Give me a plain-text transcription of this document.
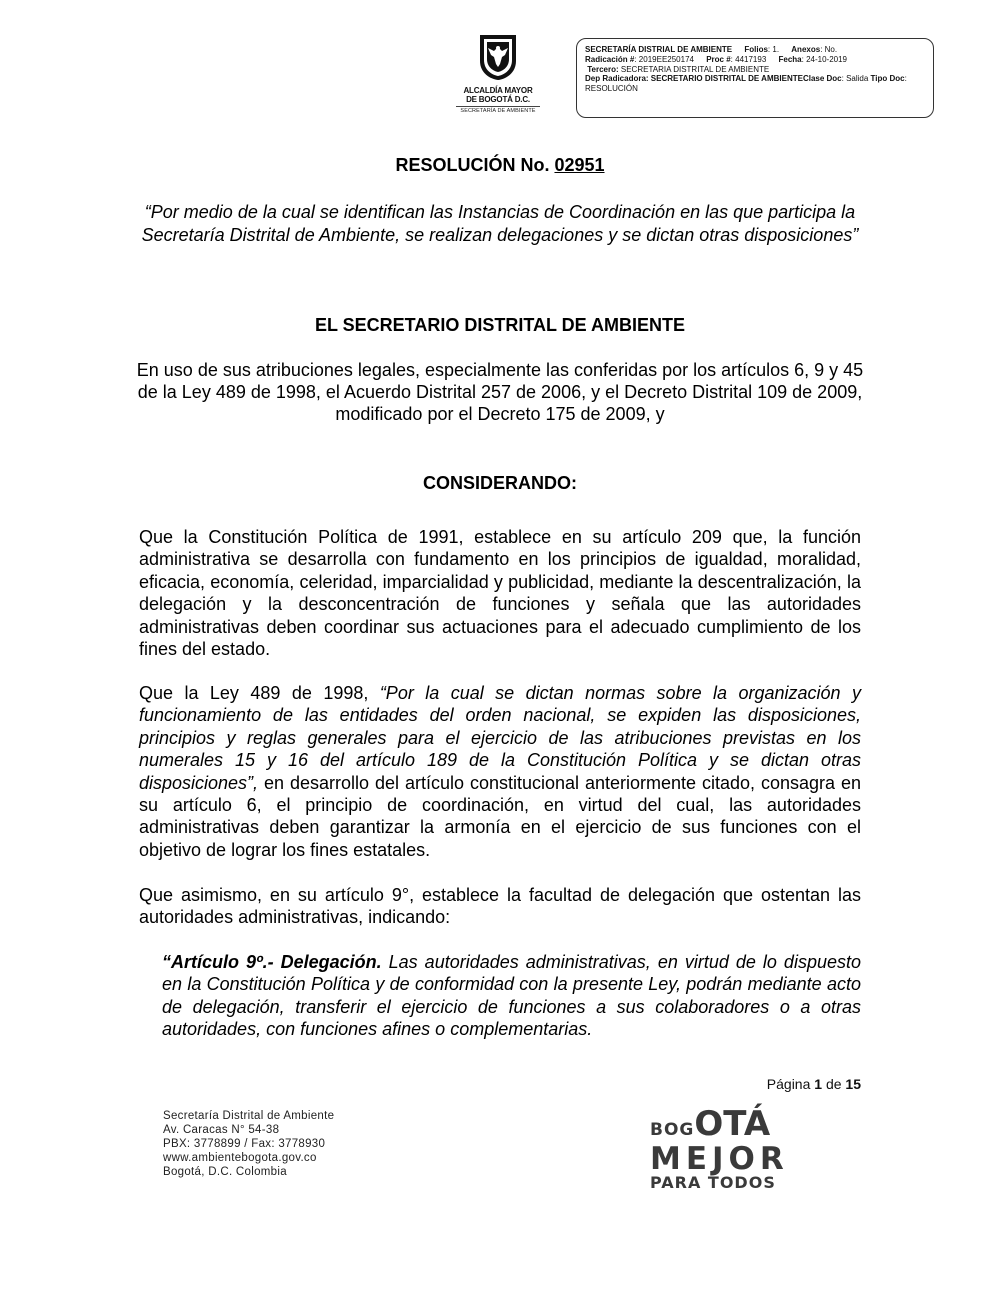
ALCALDÍA MAYOR
DE BOGOTÁ D.C.
SECRETARÍA DE AMBIENTE
SECRETARÍA DISTRIAL DE AMBIENTE Folios: 1. Anexos: No.
Radicación #: 2019EE250174 Proc #: 4417193 Fecha: 24-10-2019
Tercero: SECRETARIA DISTRITAL DE AMBIENTE
Dep Radicadora: SECRETARIO DISTRITAL DE AMBIENTEClase Doc: Salida Tipo Doc:
RESOLUCIÓN
RESOLUCIÓN No. 02951
“Por medio de la cual se identifican las Instancias de Coordinación en las que participa la Secretaría Distrital de Ambiente, se realizan delegaciones y se dictan otras disposiciones”
EL SECRETARIO DISTRITAL DE AMBIENTE
En uso de sus atribuciones legales, especialmente las conferidas por los artículos 6, 9 y 45 de la Ley 489 de 1998, el Acuerdo Distrital 257 de 2006, y el Decreto Distrital 109 de 2009, modificado por el Decreto 175 de 2009, y
CONSIDERANDO:
Que la Constitución Política de 1991, establece en su artículo 209 que, la función administrativa se desarrolla con fundamento en los principios de igualdad, moralidad, eficacia, economía, celeridad, imparcialidad y publicidad, mediante la descentralización, la delegación y la desconcentración de funciones y señala que las autoridades administrativas deben coordinar sus actuaciones para el adecuado cumplimiento de los fines del estado.
Que la Ley 489 de 1998, “Por la cual se dictan normas sobre la organización y funcionamiento de las entidades del orden nacional, se expiden las disposiciones, principios y reglas generales para el ejercicio de las atribuciones previstas en los numerales 15 y 16 del artículo 189 de la Constitución Política y se dictan otras disposiciones”, en desarrollo del artículo constitucional anteriormente citado, consagra en su artículo 6, el principio de coordinación, en virtud del cual, las autoridades administrativas deben garantizar la armonía en el ejercicio de sus funciones con el objetivo de lograr los fines estatales.
Que asimismo, en su artículo 9°, establece la facultad de delegación que ostentan las autoridades administrativas, indicando:
“Artículo 9º.- Delegación. Las autoridades administrativas, en virtud de lo dispuesto en la Constitución Política y de conformidad con la presente Ley, podrán mediante acto de delegación, transferir el ejercicio de funciones a sus colaboradores o a otras autoridades, con funciones afines o complementarias.
Página 1 de 15
Secretaría Distrital de Ambiente
Av. Caracas N° 54-38
PBX: 3778899 / Fax: 3778930
www.ambientebogota.gov.co
Bogotá, D.C. Colombia
BOGOTÁ
MEJOR
PARA TODOS
